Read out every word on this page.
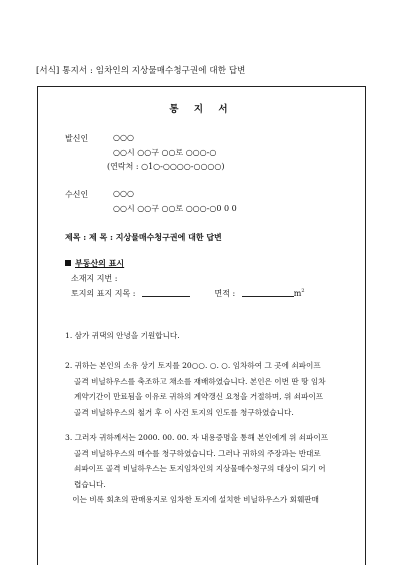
[서식] 통지서 : 임차인의 지상물매수청구권에 대한 답변
통 지 서
발신인	○○○
○○시 ○○구 ○○로 ○○○-○
(연락처 : ○1○-○○○○-○○○○)
수신인	○○○
○○시 ○○구 ○○로 ○○○-○0 0 0
제목 : 제 목 : 지상물매수청구권에 대한 답변
부동산의 표시
소재지 지번 :
토지의 표지 지목 :	면적 :	$m^2$
1. 삼가 귀댁의 안녕을 기원합니다.
2. 귀하는 본인의 소유 상기 토지를 20○○. ○. ○. 임차하여 그 곳에 쇠파이프
골격 비닐하우스를 축조하고 채소를 재배하였습니다. 본인은 이번 딴 땅 임차
계약기간이 만료됨을 이유로 귀하의 계약갱신 요청을 거절하며, 위 쇠파이프
골격 비닐하우스의 철거 후 이 사건 토지의 인도를 청구하였습니다.
3. 그러자 귀하께서는 2000. 00. 00. 자 내용증명을 통해 본인에게 위 쇠파이프
골격 비닐하우스의 매수를 청구하였습니다. 그러나 귀하의 주장과는 반대로
쇠파이프 골격 비닐하우스는 토지임차인의 지상물매수청구의 대상이 되기 어
렵습니다.
이는 비록 회초의 판매용지로 임차한 토지에 설치한 비닐하우스가 회훼판매
